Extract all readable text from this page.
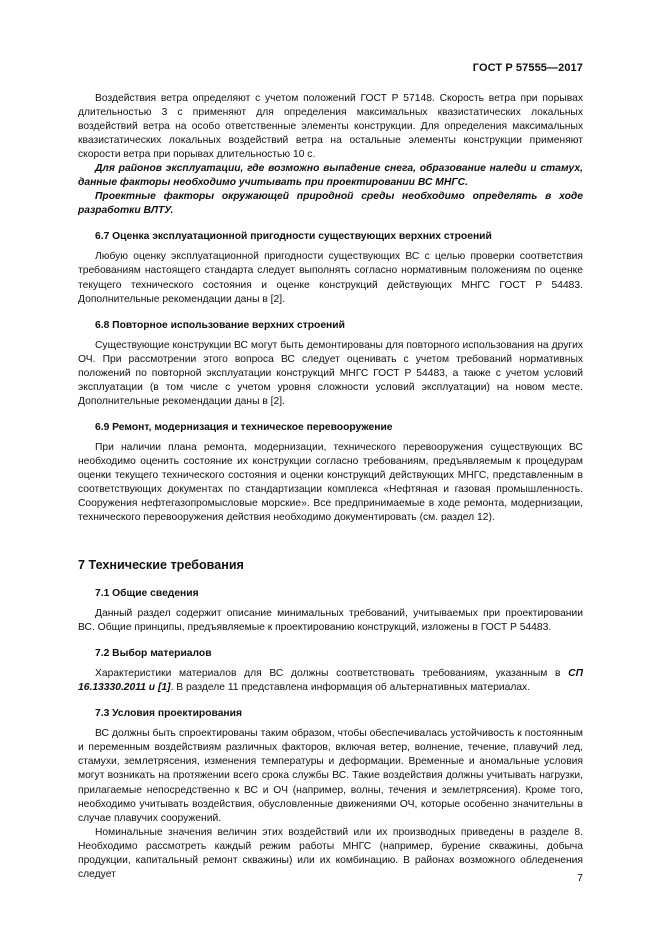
ГОСТ Р 57555—2017

Воздействия ветра определяют с учетом положений ГОСТ Р 57148. Скорость ветра при порывах длительностью 3 с применяют для определения максимальных квазистатических локальных воздействий ветра на особо ответственные элементы конструкции. Для определения максимальных квазистатических локальных воздействий ветра на остальные элементы конструкции применяют скорости ветра при порывах длительностью 10 с.

Для районов эксплуатации, где возможно выпадение снега, образование наледи и стамух, данные факторы необходимо учитывать при проектировании ВС МНГС.

Проектные факторы окружающей природной среды необходимо определять в ходе разработки ВЛТУ.

6.7 Оценка эксплуатационной пригодности существующих верхних строений

Любую оценку эксплуатационной пригодности существующих ВС с целью проверки соответствия требованиям настоящего стандарта следует выполнять согласно нормативным положениям по оценке текущего технического состояния и оценке конструкций действующих МНГС ГОСТ Р 54483. Дополнительные рекомендации даны в [2].

6.8 Повторное использование верхних строений

Существующие конструкции ВС могут быть демонтированы для повторного использования на других ОЧ. При рассмотрении этого вопроса ВС следует оценивать с учетом требований нормативных положений по повторной эксплуатации конструкций МНГС ГОСТ Р 54483, а также с учетом условий эксплуатации (в том числе с учетом уровня сложности условий эксплуатации) на новом месте. Дополнительные рекомендации даны в [2].

6.9 Ремонт, модернизация и техническое перевооружение

При наличии плана ремонта, модернизации, технического перевооружения существующих ВС необходимо оценить состояние их конструкции согласно требованиям, предъявляемым к процедурам оценки текущего технического состояния и оценки конструкций действующих МНГС, представленным в соответствующих документах по стандартизации комплекса «Нефтяная и газовая промышленность. Сооружения нефтегазопромысловые морские». Все предпринимаемые в ходе ремонта, модернизации, технического перевооружения действия необходимо документировать (см. раздел 12).

7 Технические требования
7.1 Общие сведения

Данный раздел содержит описание минимальных требований, учитываемых при проектировании ВС. Общие принципы, предъявляемые к проектированию конструкций, изложены в ГОСТ Р 54483.

7.2 Выбор материалов

Характеристики материалов для ВС должны соответствовать требованиям, указанным в СП 16.13330.2011 и [1]. В разделе 11 представлена информация об альтернативных материалах.

7.3 Условия проектирования

ВС должны быть спроектированы таким образом, чтобы обеспечивалась устойчивость к постоянным и переменным воздействиям различных факторов, включая ветер, волнение, течение, плавучий лед, стамухи, землетрясения, изменения температуры и деформации. Временные и аномальные условия могут возникать на протяжении всего срока службы ВС. Такие воздействия должны учитывать нагрузки, прилагаемые непосредственно к ВС и ОЧ (например, волны, течения и землетрясения). Кроме того, необходимо учитывать воздействия, обусловленные движениями ОЧ, которые особенно значительны в случае плавучих сооружений.

Номинальные значения величин этих воздействий или их производных приведены в разделе 8. Необходимо рассмотреть каждый режим работы МНГС (например, бурение скважины, добыча продукции, капитальный ремонт скважины) или их комбинацию. В районах возможного обледенения следует	7
